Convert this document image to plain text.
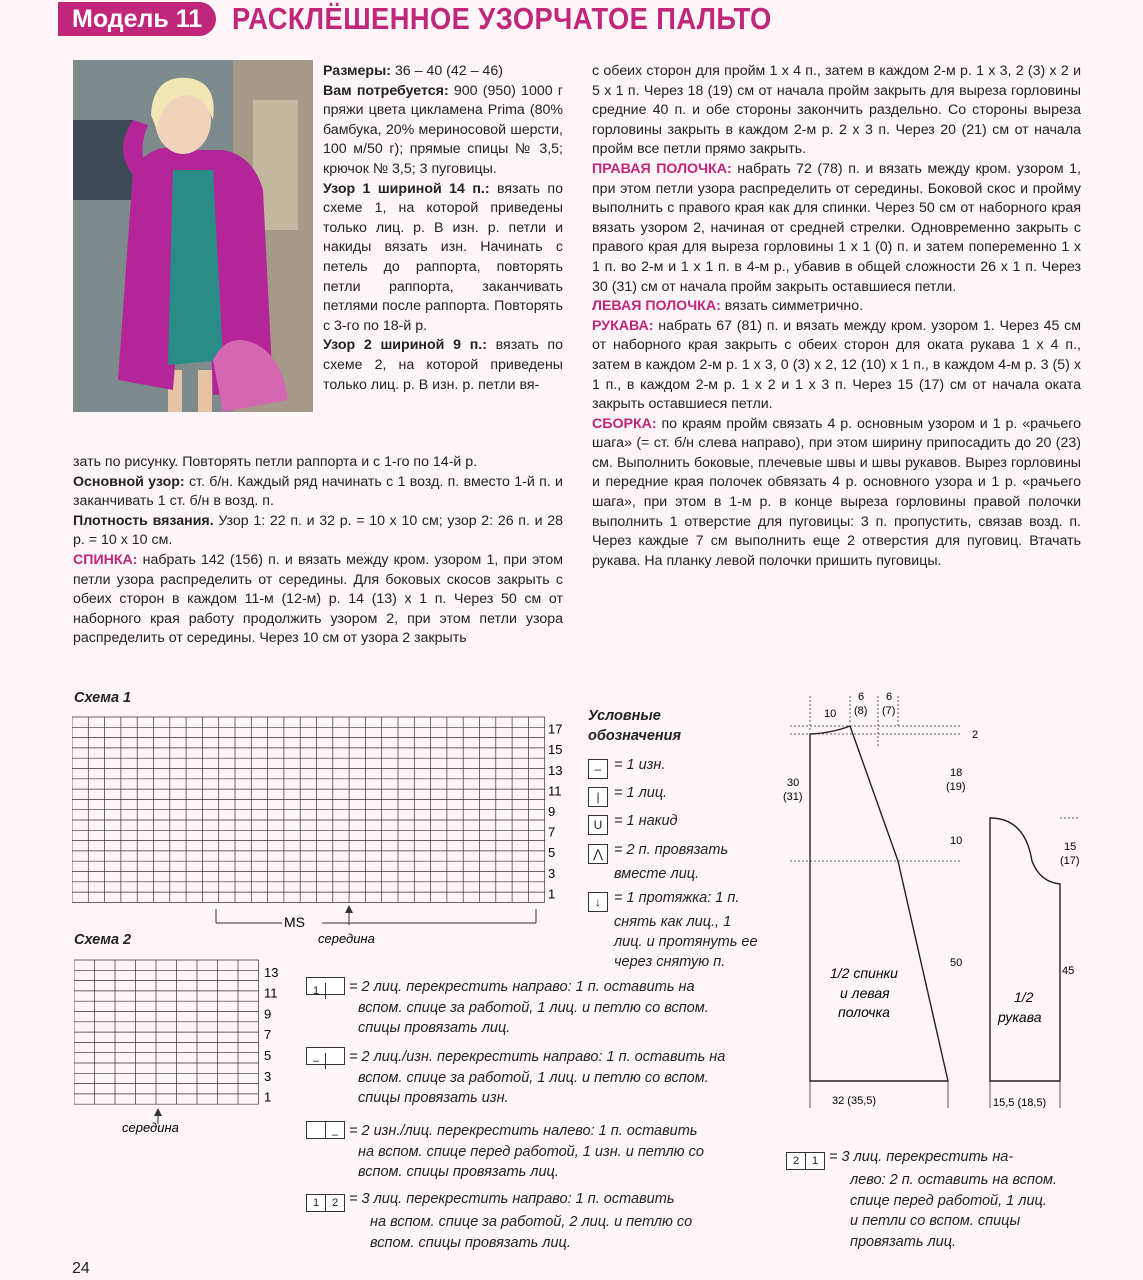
Модель 11 РАСКЛЁШЕННОЕ УЗОРЧАТОЕ ПАЛЬТО

Размеры: 36 – 40 (42 – 46)

Вам потребуется: 900 (950) 1000 г пряжи цвета цикламена Prima (80% бамбука, 20% мериносовой шерсти, 100 м/50 г); прямые спицы № 3,5; крючок № 3,5; 3 пуговицы.

Узор 1 шириной 14 п.: вязать по схеме 1, на которой приведены только лиц. р. В изн. р. петли и накиды вязать изн. Начинать с петель до раппорта, повторять петли раппорта, заканчивать петлями после раппорта. Повторять с 3-го по 18-й р.

Узор 2 шириной 9 п.: вязать по схеме 2, на которой приведены только лиц. р. В изн. р. петли вя-

зать по рисунку. Повторять петли раппорта и с 1-го по 14-й р.

Основной узор: ст. б/н. Каждый ряд начинать с 1 возд. п. вместо 1-й п. и заканчивать 1 ст. б/н в возд. п.

Плотность вязания. Узор 1: 22 п. и 32 р. = 10 х 10 см; узор 2: 26 п. и 28 р. = 10 х 10 см.

СПИНКА: набрать 142 (156) п. и вязать между кром. узором 1, при этом петли узора распределить от середины. Для боковых скосов закрыть с обеих сторон в каждом 11-м (12-м) р. 14 (13) х 1 п. Через 50 см от наборного края работу продолжить узором 2, при этом петли узора распределить от середины. Через 10 см от узора 2 закрыть

с обеих сторон для пройм 1 х 4 п., затем в каждом 2-м р. 1 х 3, 2 (3) х 2 и 5 х 1 п. Через 18 (19) см от начала пройм закрыть для выреза горловины средние 40 п. и обе стороны закончить раздельно. Со стороны выреза горловины закрыть в каждом 2-м р. 2 х 3 п. Через 20 (21) см от начала пройм все петли прямо закрыть.

ПРАВАЯ ПОЛОЧКА: набрать 72 (78) п. и вязать между кром. узором 1, при этом петли узора распределить от середины. Боковой скос и пройму выполнить с правого края как для спинки. Через 50 см от наборного края вязать узором 2, начиная от средней стрелки. Одновременно закрыть с правого края для выреза горловины 1 х 1 (0) п. и затем попеременно 1 х 1 п. во 2-м и 1 х 1 п. в 4-м р., убавив в общей сложности 26 х 1 п. Через 30 (31) см от начала пройм закрыть оставшиеся петли.

ЛЕВАЯ ПОЛОЧКА: вязать симметрично.

РУКАВА: набрать 67 (81) п. и вязать между кром. узором 1. Через 45 см от наборного края закрыть с обеих сторон для оката рукава 1 х 4 п., затем в каждом 2-м р. 1 х 3, 0 (3) х 2, 12 (10) х 1 п., в каждом 4-м р. 3 (5) х 1 п., в каждом 2-м р. 1 х 2 и 1 х 3 п. Через 15 (17) см от начала оката закрыть оставшиеся петли.

СБОРКА: по краям пройм связать 4 р. основным узором и 1 р. «рачьего шага» (= ст. б/н слева направо), при этом ширину припосадить до 20 (23) см. Выполнить боковые, плечевые швы и швы рукавов. Вырез горловины и передние края полочек обвязать 4 р. основного узора и 1 р. «рачьего шага», при этом в 1-м р. в конце выреза горловины правой полочки выполнить 1 отверстие для пуговицы: 3 п. пропустить, связав возд. п. Через каждые 7 см выполнить еще 2 отверстия для пуговиц. Втачать рукава. На планку левой полочки пришить пуговицы.

Схема 1
17
15
13
11
9
7
5
3
1
MS
середина
Схема 2
13
11
9
7
5
3
1
середина
Условные
обозначения
– = 1 изн.
| = 1 лиц.
U = 1 накид
⋀ = 2 п. провязать
вместе лиц.
↓ = 1 протяжка: 1 п.
снять как лиц., 1
лиц. и протянуть ее
через снятую п.
1 = 2 лиц. перекрестить направо: 1 п. оставить на
вспом. спице за работой, 1 лиц. и петлю со вспом.
спицы провязать лиц.
– = 2 лиц./изн. перекрестить направо: 1 п. оставить на
вспом. спице за работой, 1 лиц. и петлю со вспом.
спицы провязать изн.
– = 2 изн./лиц. перекрестить налево: 1 п. оставить
на вспом. спице перед работой, 1 изн. и петлю со
вспом. спицы провязать лиц.
1 2 = 3 лиц. перекрестить направо: 1 п. оставить
на вспом. спице за работой, 2 лиц. и петлю со
вспом. спицы провязать лиц.
2 1 = 3 лиц. перекрестить на-
лево: 2 п. оставить на вспом.
спице перед работой, 1 лиц.
и петли со вспом. спицы
провязать лиц.
10
6
(8)
6
(7)
2
30
(31)
18
(19)
10
50
1/2 спинки
и левая
полочка
32 (35,5)
15
(17)
45
1/2
рукава
15,5 (18,5)
24
